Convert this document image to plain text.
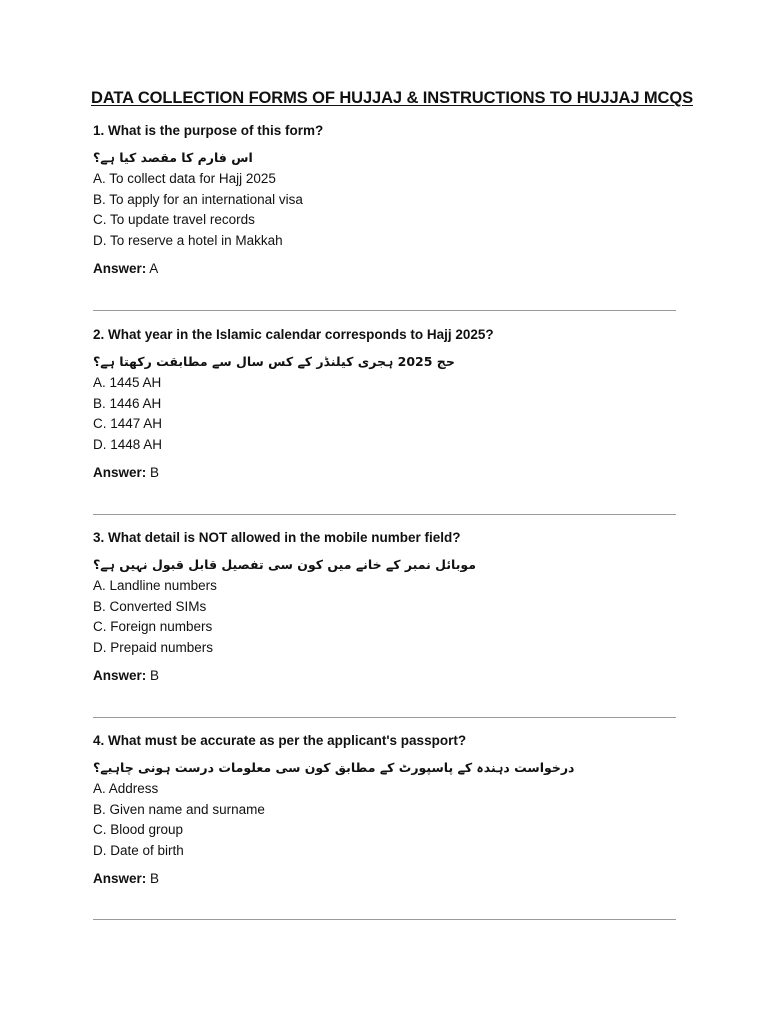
DATA COLLECTION FORMS OF HUJJAJ & INSTRUCTIONS TO HUJJAJ MCQS
1. What is the purpose of this form?
اس فارم کا مقصد کیا ہے؟
A. To collect data for Hajj 2025
B. To apply for an international visa
C. To update travel records
D. To reserve a hotel in Makkah
Answer: A
2. What year in the Islamic calendar corresponds to Hajj 2025?
حج 2025 ہجری کیلنڈر کے کس سال سے مطابقت رکھتا ہے؟
A. 1445 AH
B. 1446 AH
C. 1447 AH
D. 1448 AH
Answer: B
3. What detail is NOT allowed in the mobile number field?
موبائل نمبر کے خانے میں کون سی تفصیل قابل قبول نہیں ہے؟
A. Landline numbers
B. Converted SIMs
C. Foreign numbers
D. Prepaid numbers
Answer: B
4. What must be accurate as per the applicant's passport?
درخواست دہندہ کے پاسپورٹ کے مطابق کون سی معلومات درست ہونی چاہیے؟
A. Address
B. Given name and surname
C. Blood group
D. Date of birth
Answer: B
